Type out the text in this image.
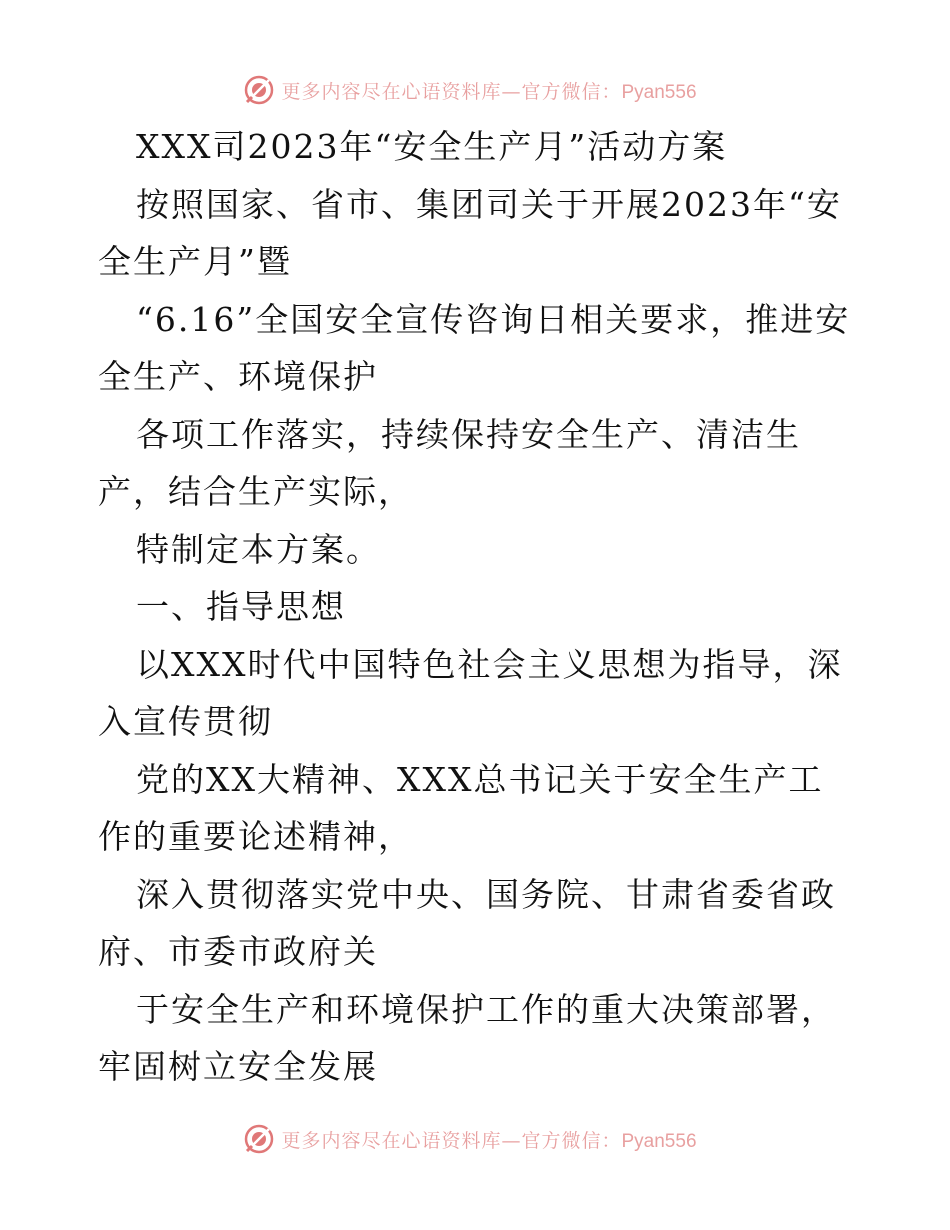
更多内容尽在心语资料库—官方微信：Pyan556

XXX司2023年“安全生产月”活动方案

按照国家、省市、集团司关于开展2023年“安全生产月”暨

“6.16”全国安全宣传咨询日相关要求，推进安全生产、环境保护

各项工作落实，持续保持安全生产、清洁生产，结合生产实际，

特制定本方案。

一、指导思想

以XXX时代中国特色社会主义思想为指导，深入宣传贯彻

党的XX大精神、XXX总书记关于安全生产工作的重要论述精神，

深入贯彻落实党中央、国务院、甘肃省委省政府、市委市政府关

于安全生产和环境保护工作的重大决策部署，牢固树立安全发展

更多内容尽在心语资料库—官方微信：Pyan556
